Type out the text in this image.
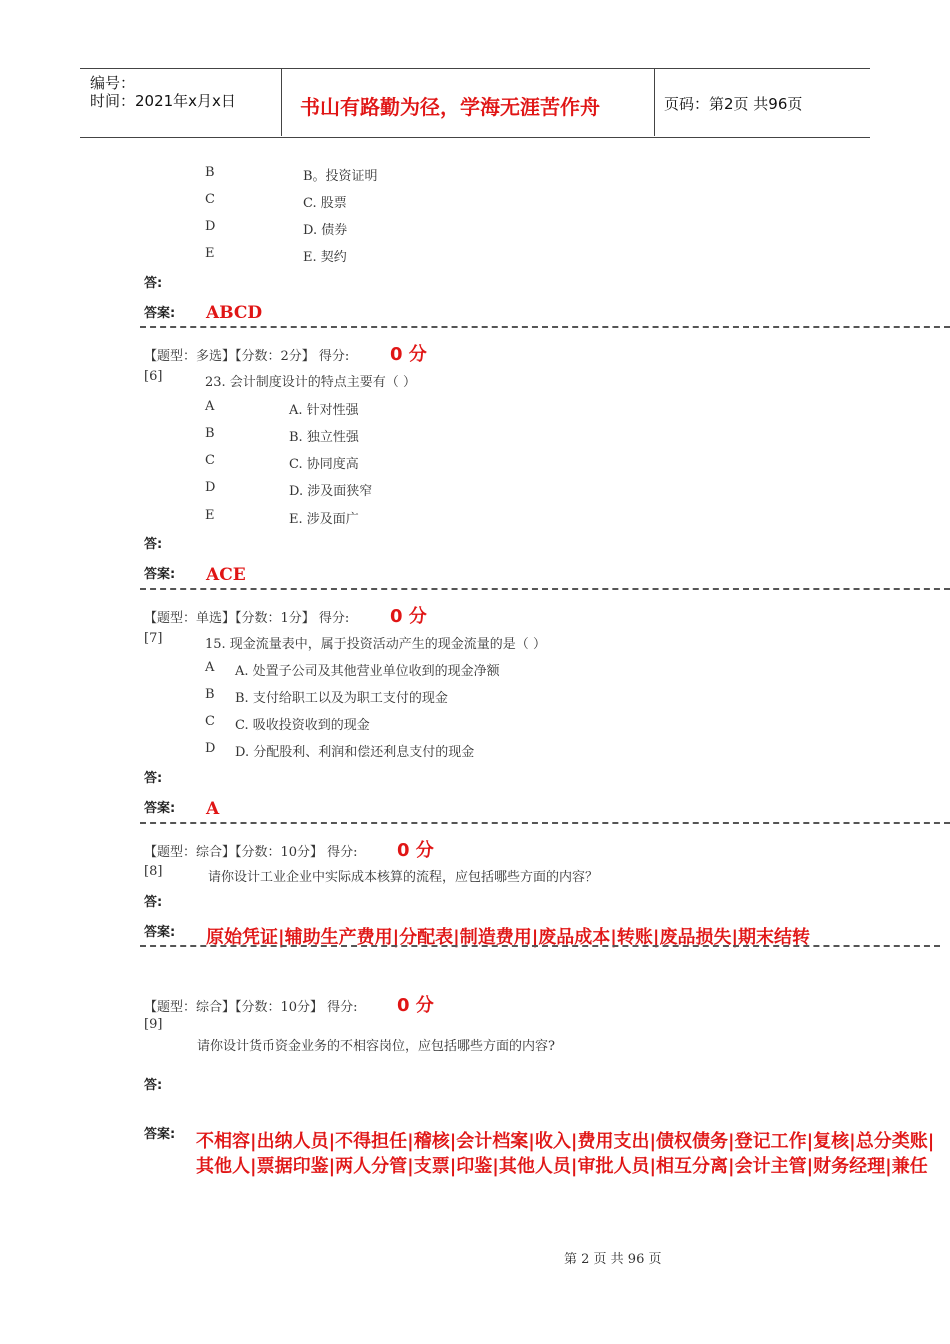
编号：
时间：2021年x月x日	书山有路勤为径，学海无涯苦作舟	页码：第2页 共96页
B	B。投资证明
C	C. 股票
D	D. 债券
E	E. 契约
答:
答案: ABCD
【题型：多选】【分数：2分】 得分: 0 分
[6]	23. 会计制度设计的特点主要有（ ）
A	A. 针对性强
B	B. 独立性强
C	C. 协同度高
D	D. 涉及面狭窄
E	E. 涉及面广
答:
答案: ACE
【题型：单选】【分数：1分】 得分: 0 分
[7]	15. 现金流量表中，属于投资活动产生的现金流量的是（ ）
A A. 处置子公司及其他营业单位收到的现金净额
B B. 支付给职工以及为职工支付的现金
C C. 吸收投资收到的现金
D D. 分配股利、利润和偿还利息支付的现金
答:
答案: A
【题型：综合】【分数：10分】 得分: 0 分
[8]	请你设计工业企业中实际成本核算的流程，应包括哪些方面的内容？
答:
答案: 原始凭证|辅助生产费用|分配表|制造费用|废品成本|转账|废品损失|期末结转
【题型：综合】【分数：10分】 得分: 0 分
[9]
请你设计货币资金业务的不相容岗位，应包括哪些方面的内容?
答:
答案: 不相容|出纳人员|不得担任|稽核|会计档案|收入|费用支出|债权债务|登记工作|复核|总分类账|其他人|票据印鉴|两人分管|支票|印鉴|其他人员|审批人员|相互分离|会计主管|财务经理|兼任
第 2 页 共 96 页
